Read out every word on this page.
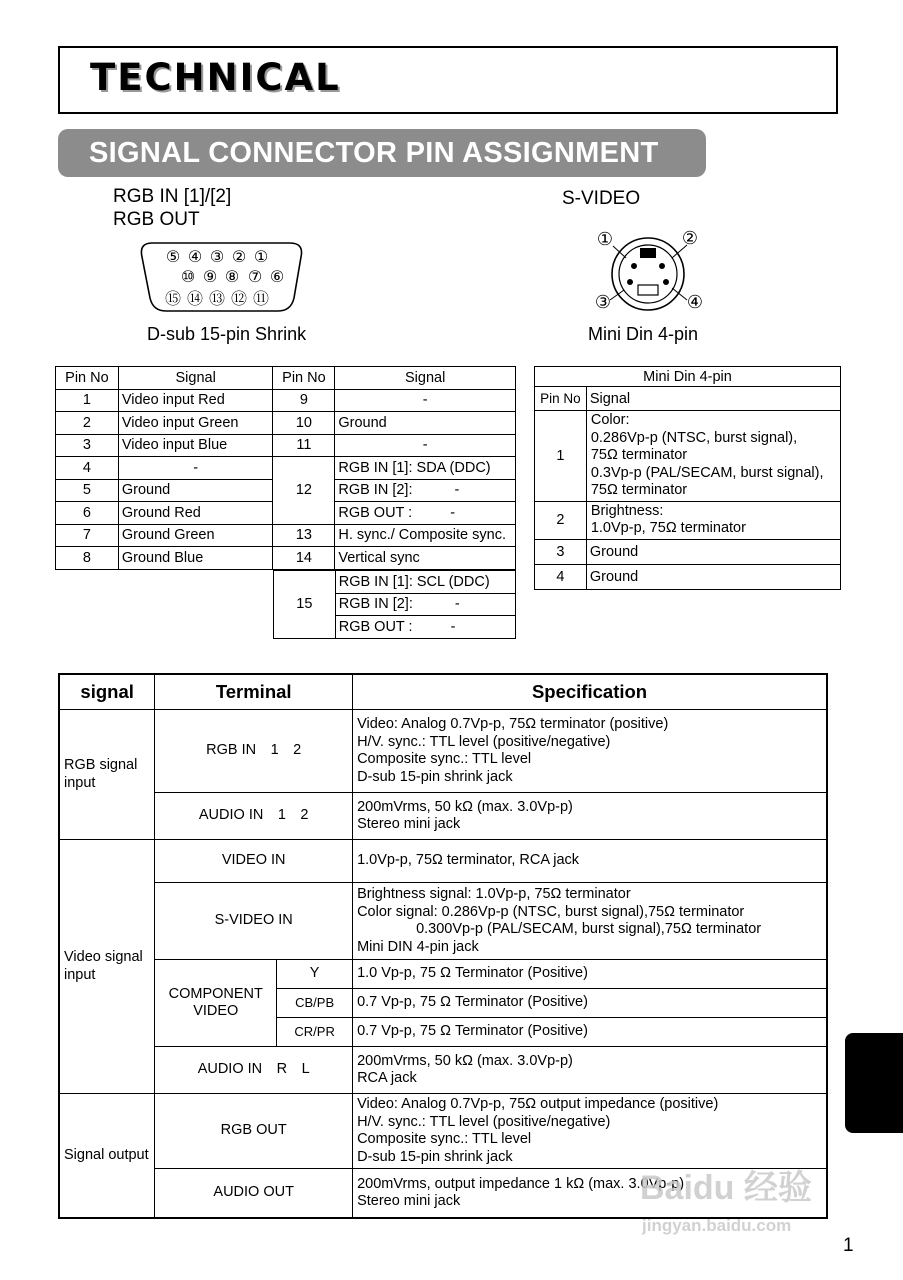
TECHNICAL
SIGNAL CONNECTOR PIN ASSIGNMENT
RGB IN [1]/[2]
RGB OUT
⑤ ④ ③ ② ①
⑩ ⑨ ⑧ ⑦ ⑥
⑮ ⑭ ⑬ ⑫ ⑪
D-sub 15-pin Shrink
S-VIDEO
①	②
③	④
Mini Din 4-pin
Pin No	Signal	Pin No	Signal
1	Video input Red	9	-
2	Video input Green	10	Ground
3	Video input Blue	11	-
4	-	12	RGB IN [1]: SDA (DDC)
5	Ground		RGB IN [2]: -
6	Ground Red		RGB OUT : -
7	Ground Green	13	H. sync./ Composite sync.
8	Ground Blue	14	Vertical sync
15	RGB IN [1]: SCL (DDC)
RGB IN [2]:	-
RGB OUT :	-
Mini Din 4-pin	
Pin No	Signal
1	Color:
0.286Vp-p (NTSC, burst signal),
75Ω terminator
0.3Vp-p (PAL/SECAM, burst signal),
75Ω terminator

2	Brightness:
1.0Vp-p, 75Ω terminator

3	Ground
4	Ground
signal	Terminal		Specification
RGB signal input	RGB IN　1　2		Video: Analog 0.7Vp-p, 75Ω terminator (positive)
H/V. sync.: TTL level (positive/negative)
Composite sync.: TTL level
D-sub 15-pin shrink jack

	AUDIO IN　1　2		200mVrms, 50 kΩ (max. 3.0Vp-p)
Stereo mini jack

Video signal input	VIDEO IN		1.0Vp-p, 75Ω terminator, RCA jack
	S-VIDEO IN		Brightness signal: 1.0Vp-p, 75Ω terminator
Color signal: 0.286Vp-p (NTSC, burst signal),75Ω terminator
0.300Vp-p (PAL/SECAM, burst signal),75Ω terminator
Mini DIN 4-pin jack

	COMPONENT VIDEO	Y	1.0 Vp-p, 75 Ω Terminator (Positive)
		CB/PB	0.7 Vp-p, 75 Ω Terminator (Positive)
		CR/PR	0.7 Vp-p, 75 Ω Terminator (Positive)
	AUDIO IN　R　L		200mVrms, 50 kΩ (max. 3.0Vp-p)
RCA jack

Signal output	RGB OUT		Video: Analog 0.7Vp-p, 75Ω output impedance (positive)
H/V. sync.: TTL level (positive/negative)
Composite sync.: TTL level
D-sub 15-pin shrink jack

	AUDIO OUT		200mVrms, output impedance 1 kΩ (max. 3.0Vp-p)
Stereo mini jack
1
Baidu 经验
jingyan.baidu.com
